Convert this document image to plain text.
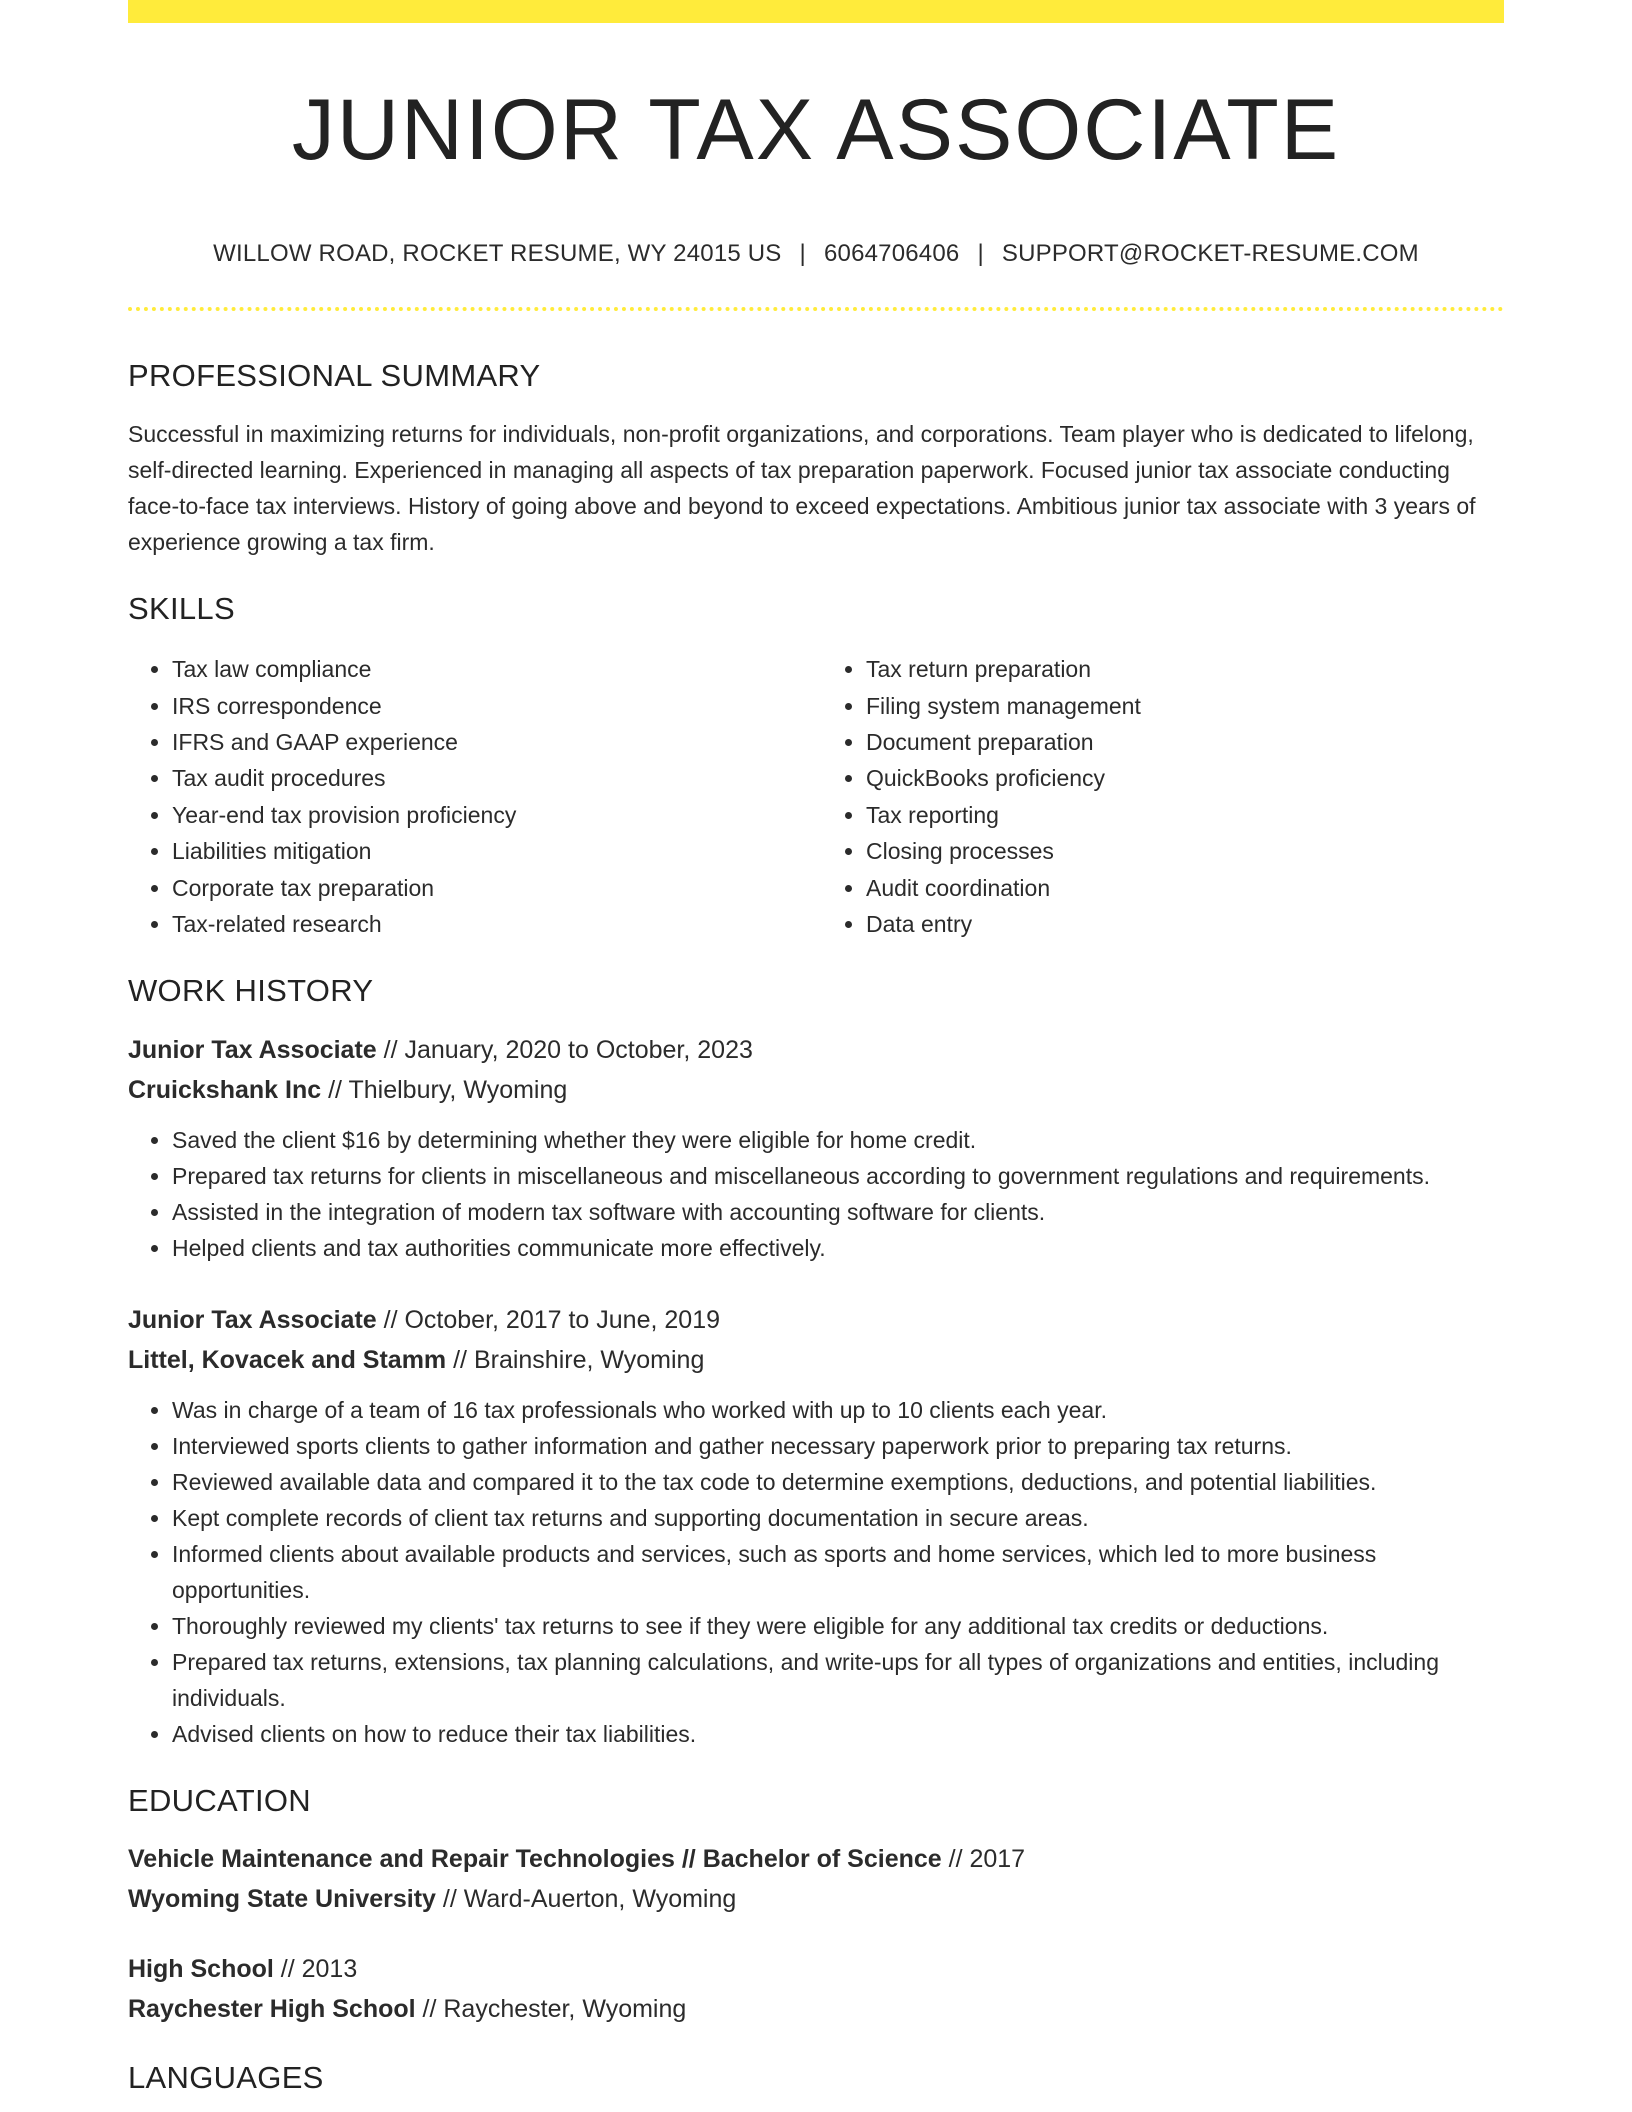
JUNIOR TAX ASSOCIATE
WILLOW ROAD, ROCKET RESUME, WY 24015 US | 6064706406 | SUPPORT@ROCKET-RESUME.COM
PROFESSIONAL SUMMARY

Successful in maximizing returns for individuals, non-profit organizations, and corporations. Team player who is dedicated to lifelong, self-directed learning. Experienced in managing all aspects of tax preparation paperwork. Focused junior tax associate conducting face-to-face tax interviews. History of going above and beyond to exceed expectations. Ambitious junior tax associate with 3 years of experience growing a tax firm.

SKILLS
• Tax law compliance
• IRS correspondence
• IFRS and GAAP experience
• Tax audit procedures
• Year-end tax provision proficiency
• Liabilities mitigation
• Corporate tax preparation
• Tax-related research
• Tax return preparation
• Filing system management
• Document preparation
• QuickBooks proficiency
• Tax reporting
• Closing processes
• Audit coordination
• Data entry
WORK HISTORY
Junior Tax Associate // January, 2020 to October, 2023
Cruickshank Inc // Thielbury, Wyoming
• Saved the client $16 by determining whether they were eligible for home credit.
• Prepared tax returns for clients in miscellaneous and miscellaneous according to government regulations and requirements.
• Assisted in the integration of modern tax software with accounting software for clients.
• Helped clients and tax authorities communicate more effectively.
Junior Tax Associate // October, 2017 to June, 2019
Littel, Kovacek and Stamm // Brainshire, Wyoming
• Was in charge of a team of 16 tax professionals who worked with up to 10 clients each year.
• Interviewed sports clients to gather information and gather necessary paperwork prior to preparing tax returns.
• Reviewed available data and compared it to the tax code to determine exemptions, deductions, and potential liabilities.
• Kept complete records of client tax returns and supporting documentation in secure areas.
• Informed clients about available products and services, such as sports and home services, which led to more business opportunities.
• Thoroughly reviewed my clients' tax returns to see if they were eligible for any additional tax credits or deductions.
• Prepared tax returns, extensions, tax planning calculations, and write-ups for all types of organizations and entities, including individuals.
• Advised clients on how to reduce their tax liabilities.
EDUCATION
Vehicle Maintenance and Repair Technologies // Bachelor of Science // 2017
Wyoming State University // Ward-Auerton, Wyoming
High School // 2013
Raychester High School // Raychester, Wyoming
LANGUAGES
